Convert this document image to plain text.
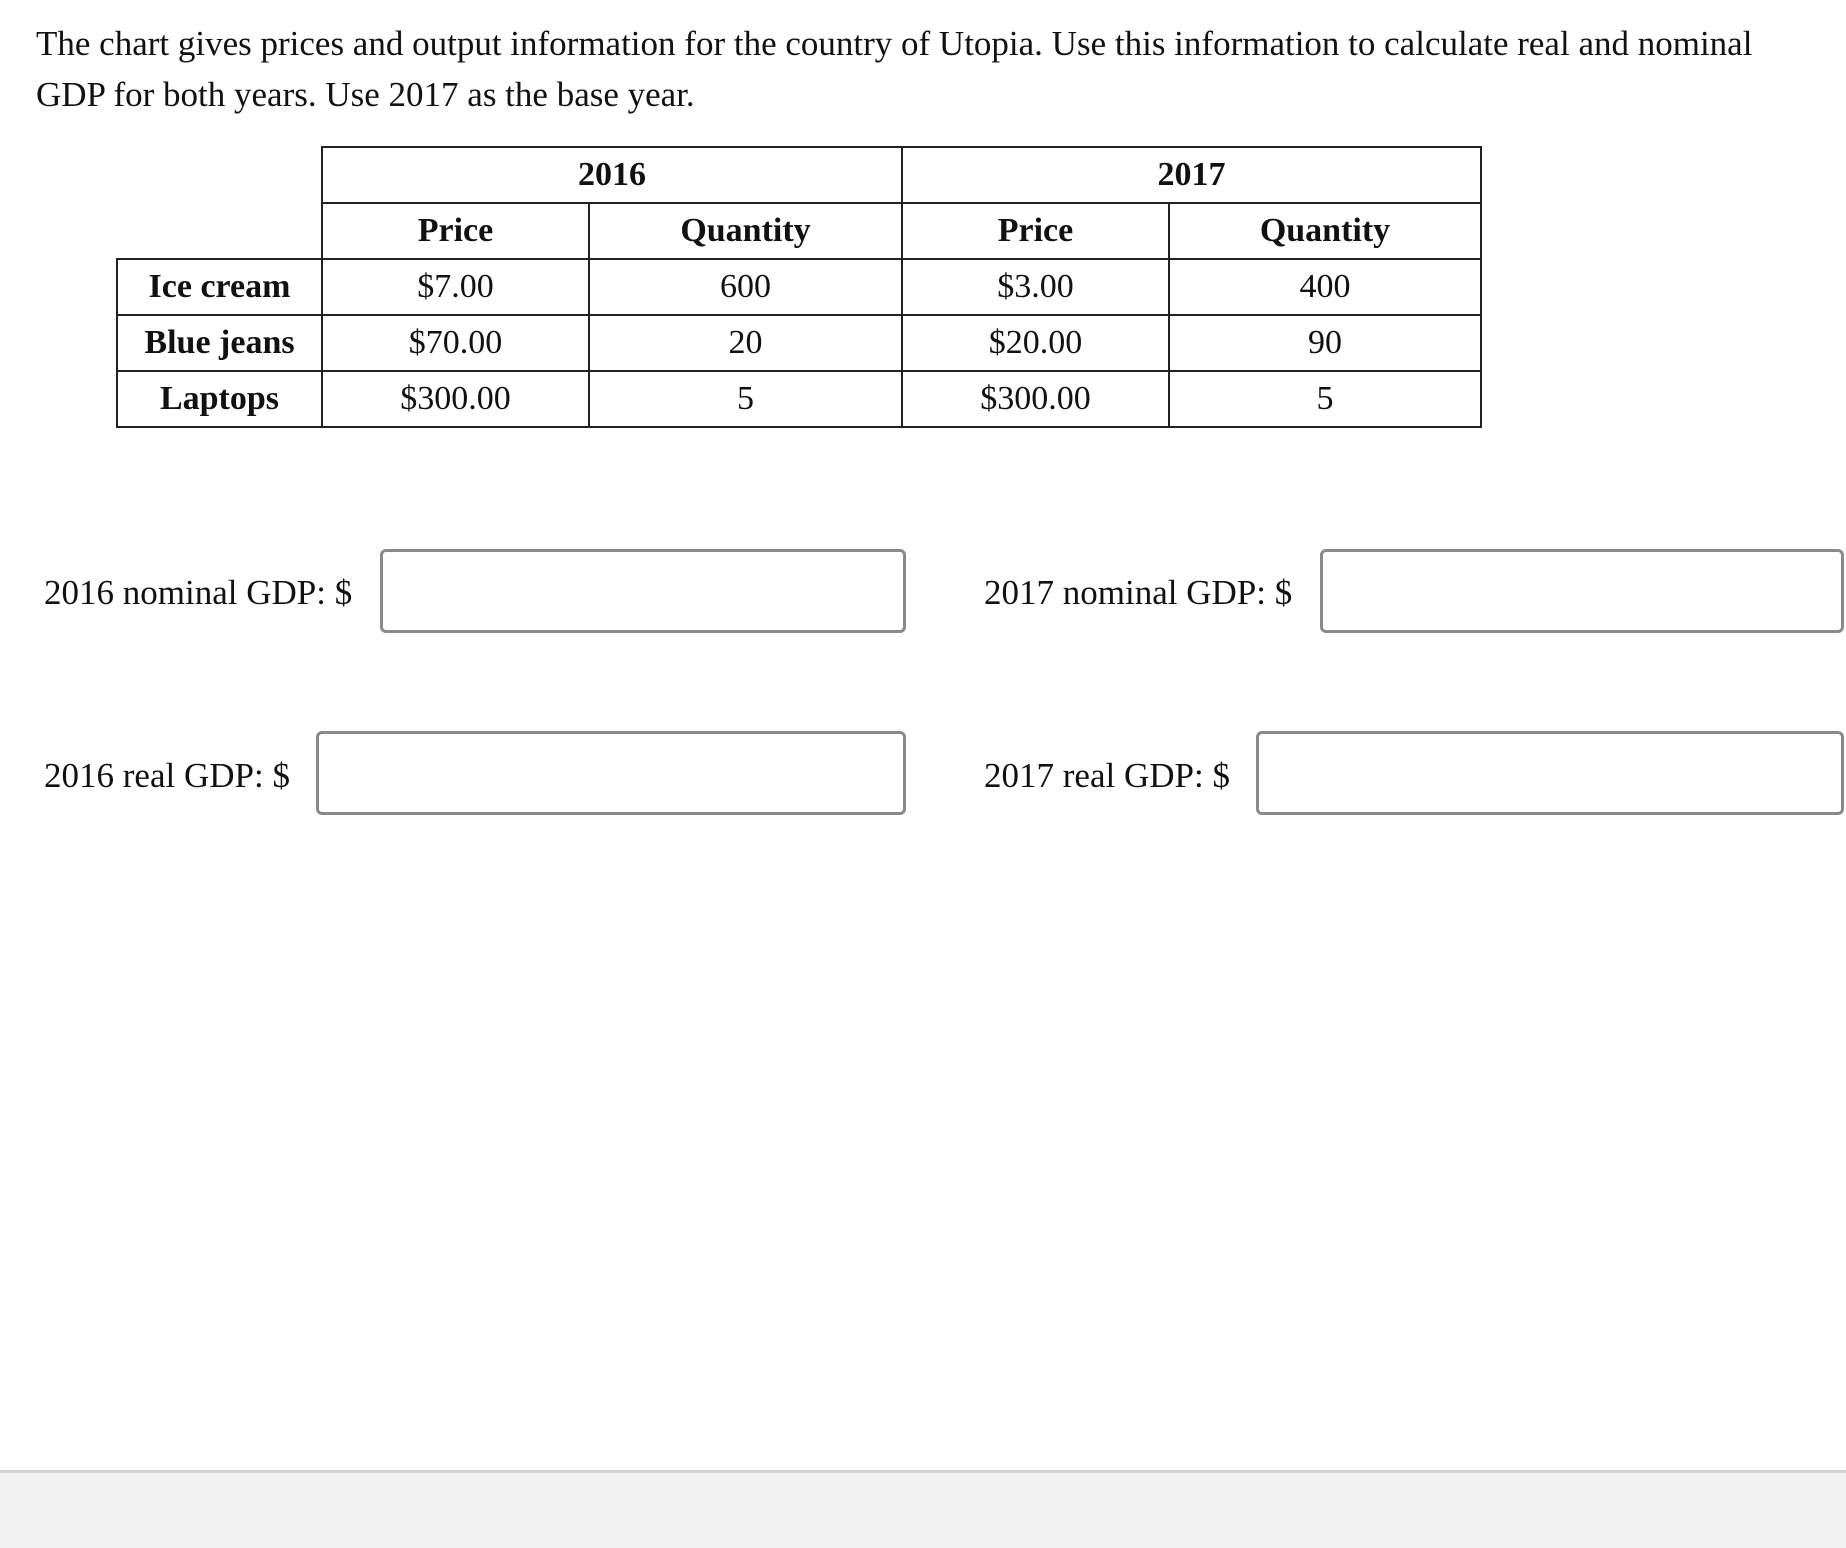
The chart gives prices and output information for the country of Utopia. Use this information to calculate real and nominal GDP for both years. Use 2017 as the base year.

	2016		2017	
	Price	Quantity	Price	Quantity
Ice cream	$7.00	600	$3.00	400
Blue jeans	$70.00	20	$20.00	90
Laptops	$300.00	5	$300.00	5
2016 nominal GDP: $	2017 nominal GDP: $
2016 real GDP: $	2017 real GDP: $
